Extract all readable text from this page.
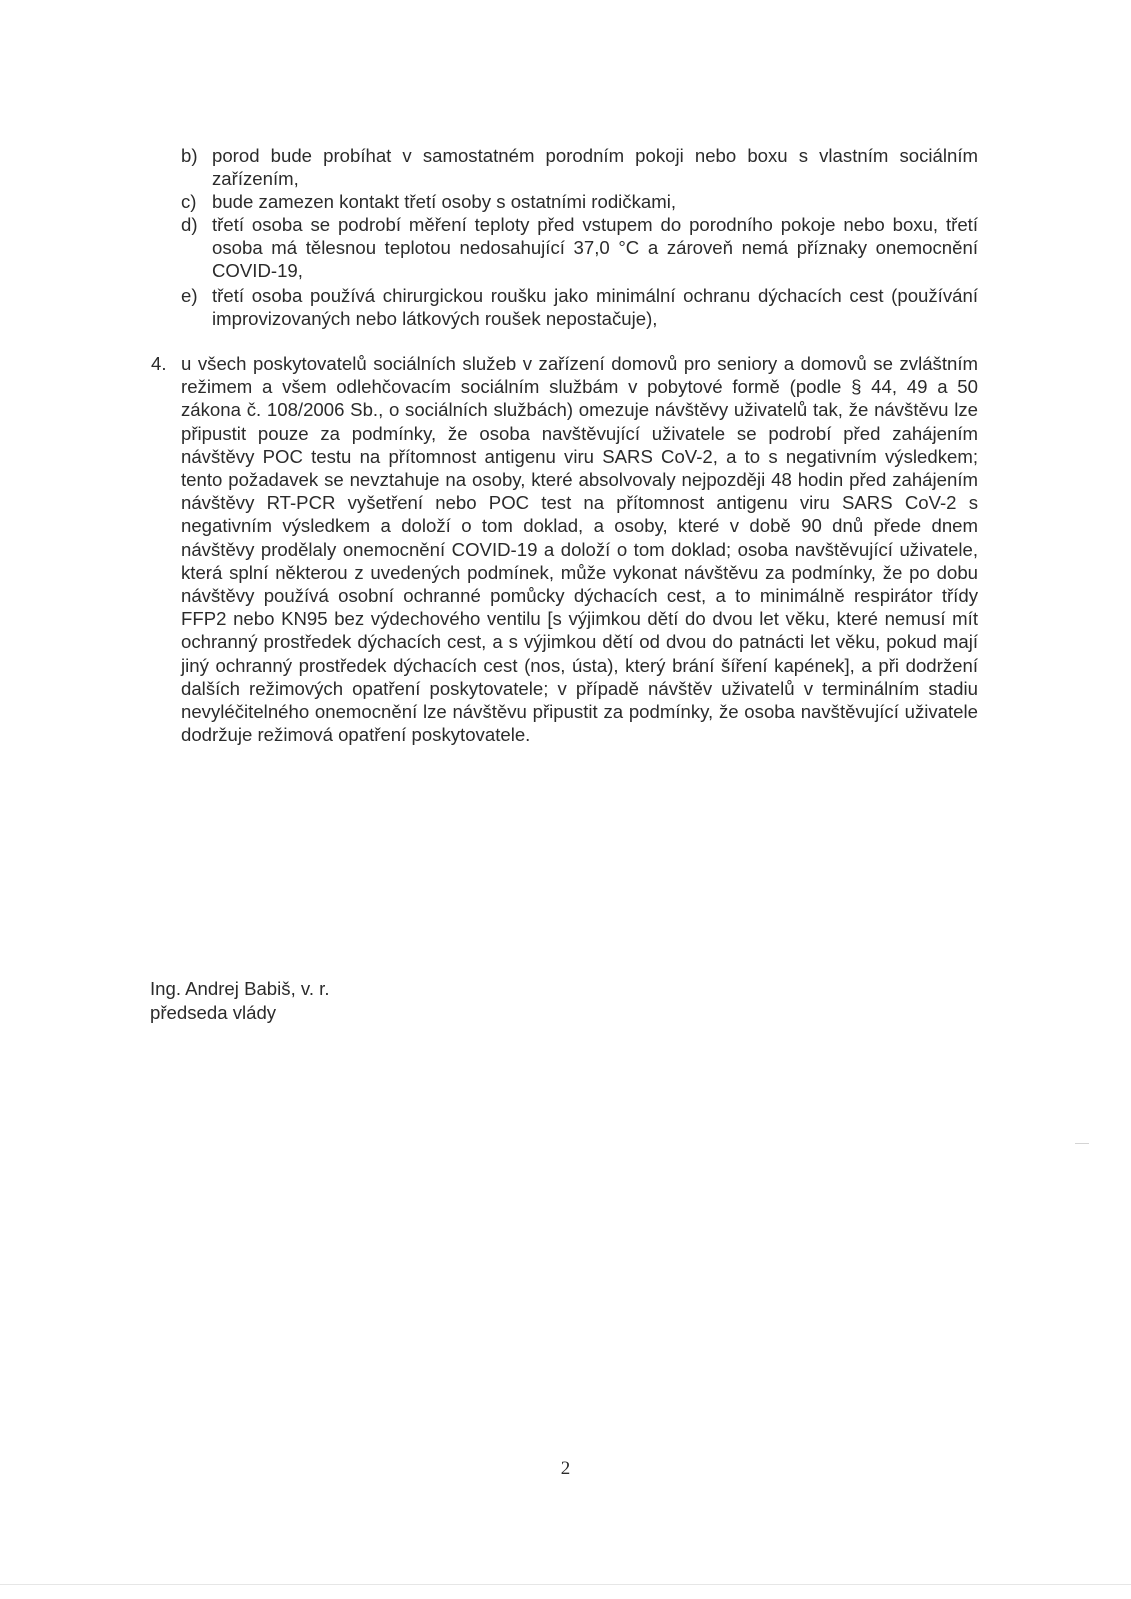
b) porod bude probíhat v samostatném porodním pokoji nebo boxu s vlastním sociálním zařízením,
c) bude zamezen kontakt třetí osoby s ostatními rodičkami,
d) třetí osoba se podrobí měření teploty před vstupem do porodního pokoje nebo boxu, třetí osoba má tělesnou teplotou nedosahující 37,0 °C a zároveň nemá příznaky onemocnění COVID-19,
e) třetí osoba používá chirurgickou roušku jako minimální ochranu dýchacích cest (používání improvizovaných nebo látkových roušek nepostačuje),
4. u všech poskytovatelů sociálních služeb v zařízení domovů pro seniory a domovů se zvláštním režimem a všem odlehčovacím sociálním službám v pobytové formě (podle § 44, 49 a 50 zákona č. 108/2006 Sb., o sociálních službách) omezuje návštěvy uživatelů tak, že návštěvu lze připustit pouze za podmínky, že osoba navštěvující uživatele se podrobí před zahájením návštěvy POC testu na přítomnost antigenu viru SARS CoV-2, a to s negativním výsledkem; tento požadavek se nevztahuje na osoby, které absolvovaly nejpozději 48 hodin před zahájením návštěvy RT-PCR vyšetření nebo POC test na přítomnost antigenu viru SARS CoV-2 s negativním výsledkem a doloží o tom doklad, a osoby, které v době 90 dnů přede dnem návštěvy prodělaly onemocnění COVID-19 a doloží o tom doklad; osoba navštěvující uživatele, která splní některou z uvedených podmínek, může vykonat návštěvu za podmínky, že po dobu návštěvy používá osobní ochranné pomůcky dýchacích cest, a to minimálně respirátor třídy FFP2 nebo KN95 bez výdechového ventilu [s výjimkou dětí do dvou let věku, které nemusí mít ochranný prostředek dýchacích cest, a s výjimkou dětí od dvou do patnácti let věku, pokud mají jiný ochranný prostředek dýchacích cest (nos, ústa), který brání šíření kapének], a při dodržení dalších režimových opatření poskytovatele; v případě návštěv uživatelů v terminálním stadiu nevyléčitelného onemocnění lze návštěvu připustit za podmínky, že osoba navštěvující uživatele dodržuje režimová opatření poskytovatele.
Ing. Andrej Babiš, v. r.
předseda vlády
2
